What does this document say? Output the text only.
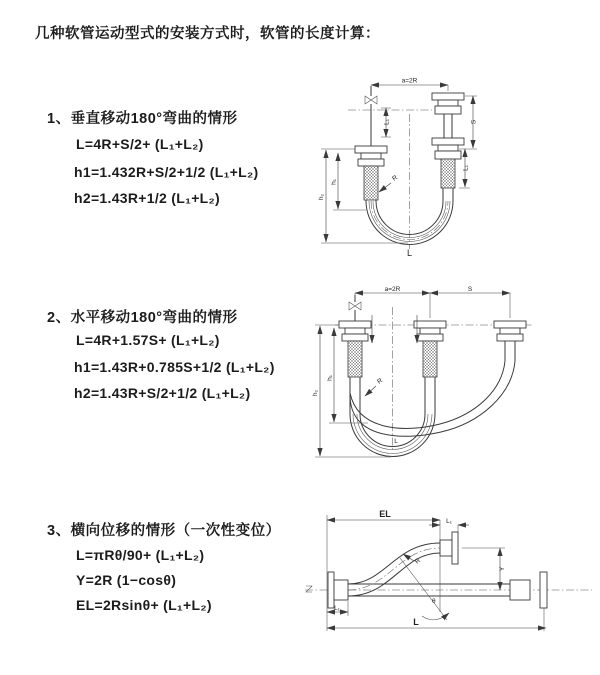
几种软管运动型式的安装方式时，软管的长度计算：
1、垂直移动180°弯曲的情形
L=4R+S/2+ (L₁+L₂)
h1=1.432R+S/2+1/2 (L₁+L₂)
h2=1.43R+1/2 (L₁+L₂)
2、水平移动180°弯曲的情形
L=4R+1.57S+ (L₁+L₂)
h1=1.43R+0.785S+1/2 (L₁+L₂)
h2=1.43R+S/2+1/2 (L₁+L₂)
3、横向位移的情形（一次性变位）
L=πRθ/90+ (L₁+L₂)
Y=2R (1−cosθ)
EL=2Rsinθ+ (L₁+L₂)
a=2R
S
L₁
L₁
h₂
h₁	R
L
a=2R	S
h₂
h₁	R
L
EL
L₁
Y
θ
R
L
L₁
